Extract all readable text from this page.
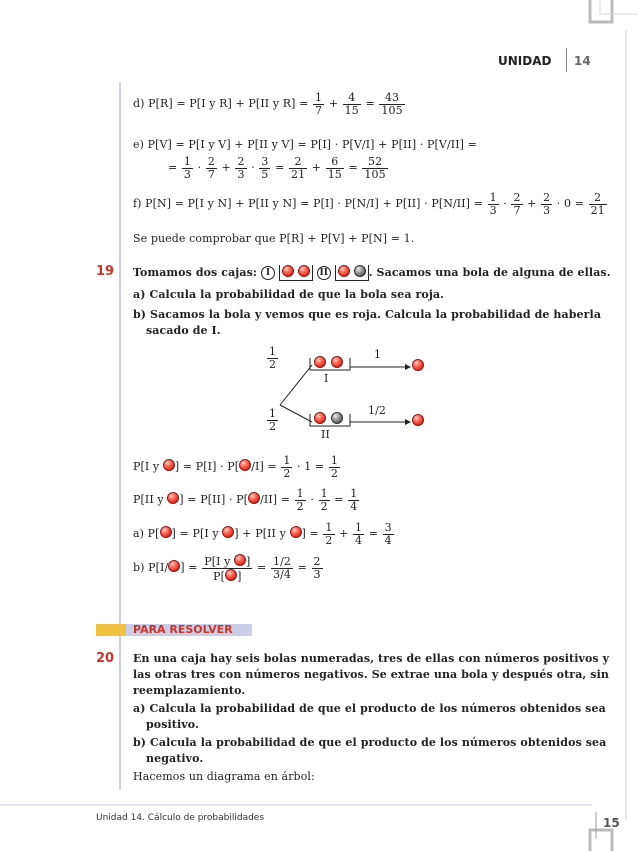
UNIDAD 14
d) P[R] = P[I y R] + P[II y $R] = \frac{1}{7} + \frac{4}{15} = \frac{43}{105}$
e) P[V] = P[I y V] + P[II y V] = P[I] · P[V/I] + P[II] · P[V/II] =
= $\frac{1}{3} \cdot \frac{2}{7} + \frac{2}{3} \cdot \frac{3}{5} = \frac{2}{21} + \frac{6}{15} = \frac{52}{105}$
f) P[N] = P[I y N] + P[II y $N] = P[I] \cdot P[N/I] + P[II] \cdot P[N/II] = \frac{1}{3} \cdot \frac{2}{7} + \frac{2}{3} \cdot 0 = \frac{2}{21}$
Se puede comprobar que P[R] + P[V] + P[N] = 1.
19 Tomamos dos cajas: I	II	. Sacamos una bola de alguna de ellas.
a) Calcula la probabilidad de que la bola sea roja.
b) Sacamos la bola y vemos que es roja. Calcula la probabilidad de haberla
sacado de I.
$\frac{1}{2}$
$\frac{1}{2}$

I

II
1
1/2
P[I y ] = P[I] · P[ $/I] = \frac{1}{2} \cdot 1 = \frac{1}{2}$
P[II y ] = P[II] · P[ $/II] = \frac{1}{2} \cdot \frac{1}{2} = \frac{1}{4}$
a) P[ ] = P[I y ] + P[II y ] = $\frac{1}{2} + \frac{1}{4} = \frac{3}{4}$
b) P[I/ ] = $\frac{\text{P[I y ]}}{P[ ]} = \frac{1/2}{3/4} = \frac{2}{3}$
PARA RESOLVER
20 En una caja hay seis bolas numeradas, tres de ellas con números positivos y
las otras tres con números negativos. Se extrae una bola y después otra, sin
reemplazamiento.
a) Calcula la probabilidad de que el producto de los números obtenidos sea
positivo.
b) Calcula la probabilidad de que el producto de los números obtenidos sea
negativo.
Hacemos un diagrama en árbol:
Unidad 14. Cálculo de probabilidades	15
